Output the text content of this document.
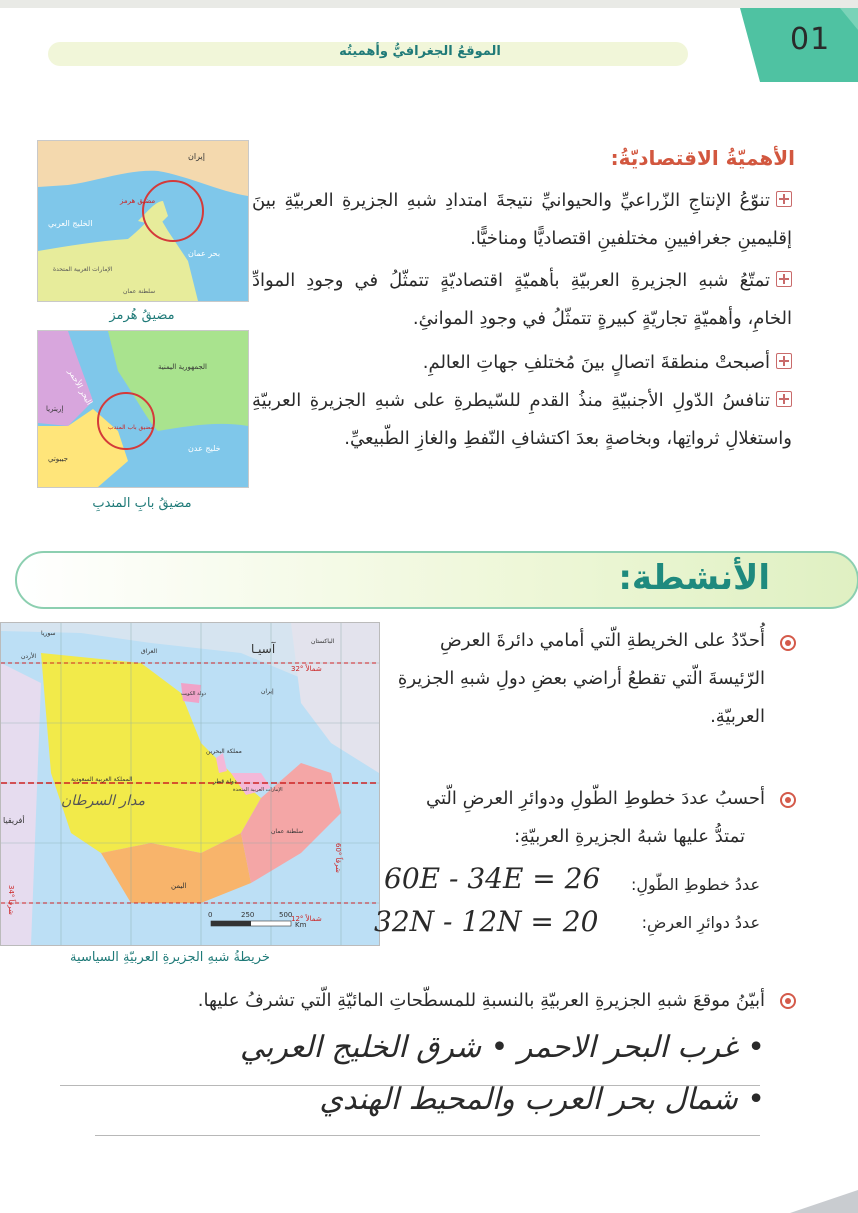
01
الموقعُ الجغرافيُّ وأهميتُه
الأهميّةُ الاقتصاديّةُ:
تنوّعُ الإنتاجِ الزّراعيِّ والحيوانيِّ نتيجةَ امتدادِ شبهِ الجزيرةِ العربيّةِ بينَ إقليمينِ جغرافيينِ مختلفينِ اقتصاديًّا ومناخيًّا.
تمتّعُ شبهِ الجزيرةِ العربيّةِ بأهميّةٍ اقتصاديّةٍ تتمثّلُ في وجودِ الموادِّ الخامِ، وأهميّةٍ تجاريّةٍ كبيرةٍ تتمثّلُ في وجودِ الموانئِ.
أصبحتْ منطقةَ اتصالٍ بينَ مُختلفِ جهاتِ العالمِ.
تنافسُ الدّولِ الأجنبيّةِ منذُ القدمِ للسّيطرةِ على شبهِ الجزيرةِ العربيّةِ واستغلالِ ثرواتِها، وبخاصةٍ بعدَ اكتشافِ النّفطِ والغازِ الطّبيعيِّ.
إيران
مضيق هرمز
الخليج العربي
بحر عمان
الإمارات العربية المتحدة
سلطنة عمان
مضيقُ هُرمز
الجمهورية اليمنية
البحر الأحمر
إريتريا
جيبوتي
خليج عدن
مضيق باب المندب
مضيقُ بابِ المندبِ
الأنشطة:
آسيـا
32° شمالاً
12° شمالاً
المملكة العربية السعودية
مملكة البحرين
دولة قطر
الإمارات العربية المتحدة
سلطنة عمان
اليمن
دولة الكويت
العراق
الأردن
سوريا
إيران
أفريقيا
الباكستان
مدار السرطان
34° شرقاً
60° شرقاً
0	250	500
Km
خريطةُ شبهِ الجزيرةِ العربيّةِ السياسية
أُحدّدُ على الخريطةِ الّتي أمامي دائرةَ العرضِ الرّئيسةَ الّتي تقطعُ أراضي بعضِ دولِ شبهِ الجزيرةِ العربيّةِ.
أحسبُ عددَ خطوطِ الطّولِ ودوائرِ العرضِ الّتي
تمتدُّ عليها شبهُ الجزيرةِ العربيّةِ:
عددُ خطوطِ الطّولِ:
عددُ دوائرِ العرضِ:
60E - 34E = 26
32N - 12N = 20
أبيّنُ موقعَ شبهِ الجزيرةِ العربيّةِ بالنسبةِ للمسطّحاتِ المائيّةِ الّتي تشرفُ عليها.
• غرب البحر الاحمر • شرق الخليج العربي
• شمال بحر العرب والمحيط الهندي
